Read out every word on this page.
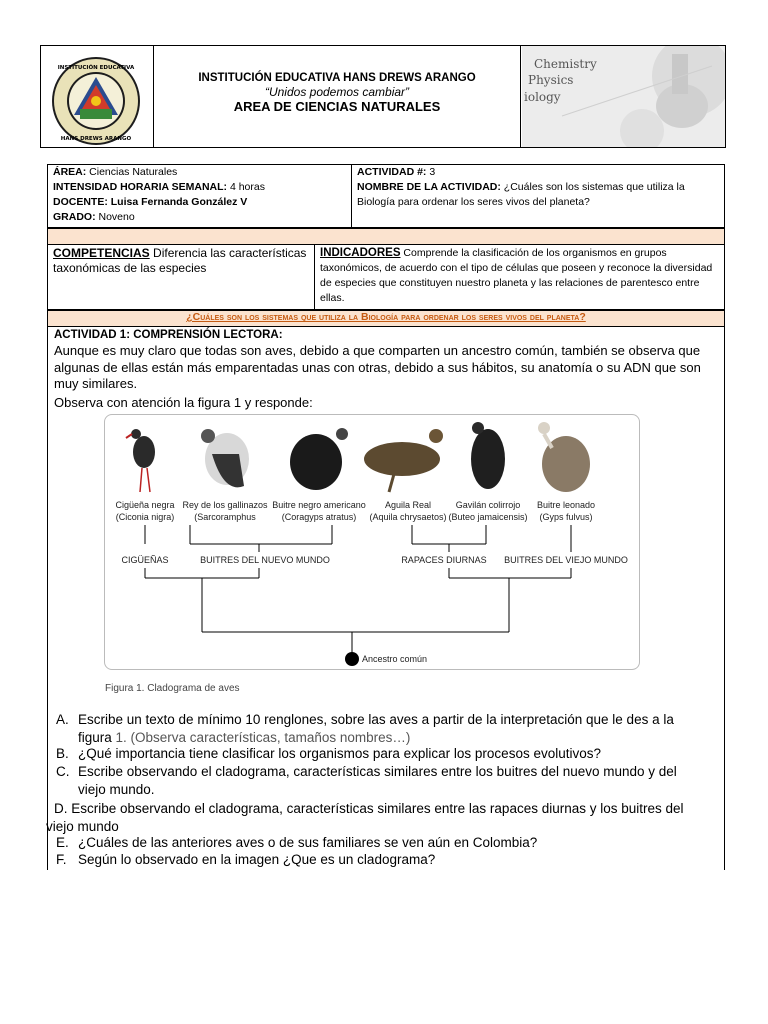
INSTITUCIÓN EDUCATIVA
HANS DREWS ARANGO
INSTITUCIÓN EDUCATIVA HANS DREWS ARANGO
“Unidos podemos cambiar”
AREA DE CIENCIAS NATURALES
Chemistry
Physics
iology
ÁREA: Ciencias Naturales
INTENSIDAD HORARIA SEMANAL: 4 horas
DOCENTE: Luisa Fernanda González V
GRADO: Noveno
ACTIVIDAD #: 3
NOMBRE DE LA ACTIVIDAD: ¿Cuáles son los sistemas que utiliza la Biología para ordenar los seres vivos del planeta?
COMPETENCIAS Diferencia las características taxonómicas de las especies
INDICADORES Comprende la clasificación de los organismos en grupos taxonómicos, de acuerdo con el tipo de células que poseen y reconoce la diversidad de especies que constituyen nuestro planeta y las relaciones de parentesco entre ellas.
¿Cuáles son los sistemas que utiliza la Biología para ordenar los seres vivos del planeta?
ACTIVIDAD 1: COMPRENSIÓN LECTORA:
Aunque es muy claro que todas son aves, debido a que comparten un ancestro común, también se observa que algunas de ellas están más emparentadas unas con otras, debido a sus hábitos, su anatomía o su ADN que son muy similares.
Observa con atención la figura 1 y responde:
Cigüeña negra
(Ciconia nigra)
Rey de los gallinazos
(Sarcoramphus
Buitre negro americano
(Coragyps atratus)
Aguila Real
(Aquila chrysaetos)
Gavilán colirrojo
(Buteo jamaicensis)
Buitre leonado
(Gyps fulvus)
CIGÜEÑAS	BUITRES DEL NUEVO MUNDO	RAPACES DIURNAS BUITRES DEL VIEJO MUNDO
Ancestro común
Figura 1. Cladograma de aves
A. Escribe un texto de mínimo 10 renglones, sobre las aves a partir de la interpretación que le des a la
figura 1. (Observa características, tamaños nombres…)
B. ¿Qué importancia tiene clasificar los organismos para explicar los procesos evolutivos?
C. Escribe observando el cladograma, características similares entre los buitres del nuevo mundo y del
viejo mundo.
D. Escribe observando el cladograma, características similares entre las rapaces diurnas y los buitres del
viejo mundo
E. ¿Cuáles de las anteriores aves o de sus familiares se ven aún en Colombia?
F. Según lo observado en la imagen ¿Que es un cladograma?
